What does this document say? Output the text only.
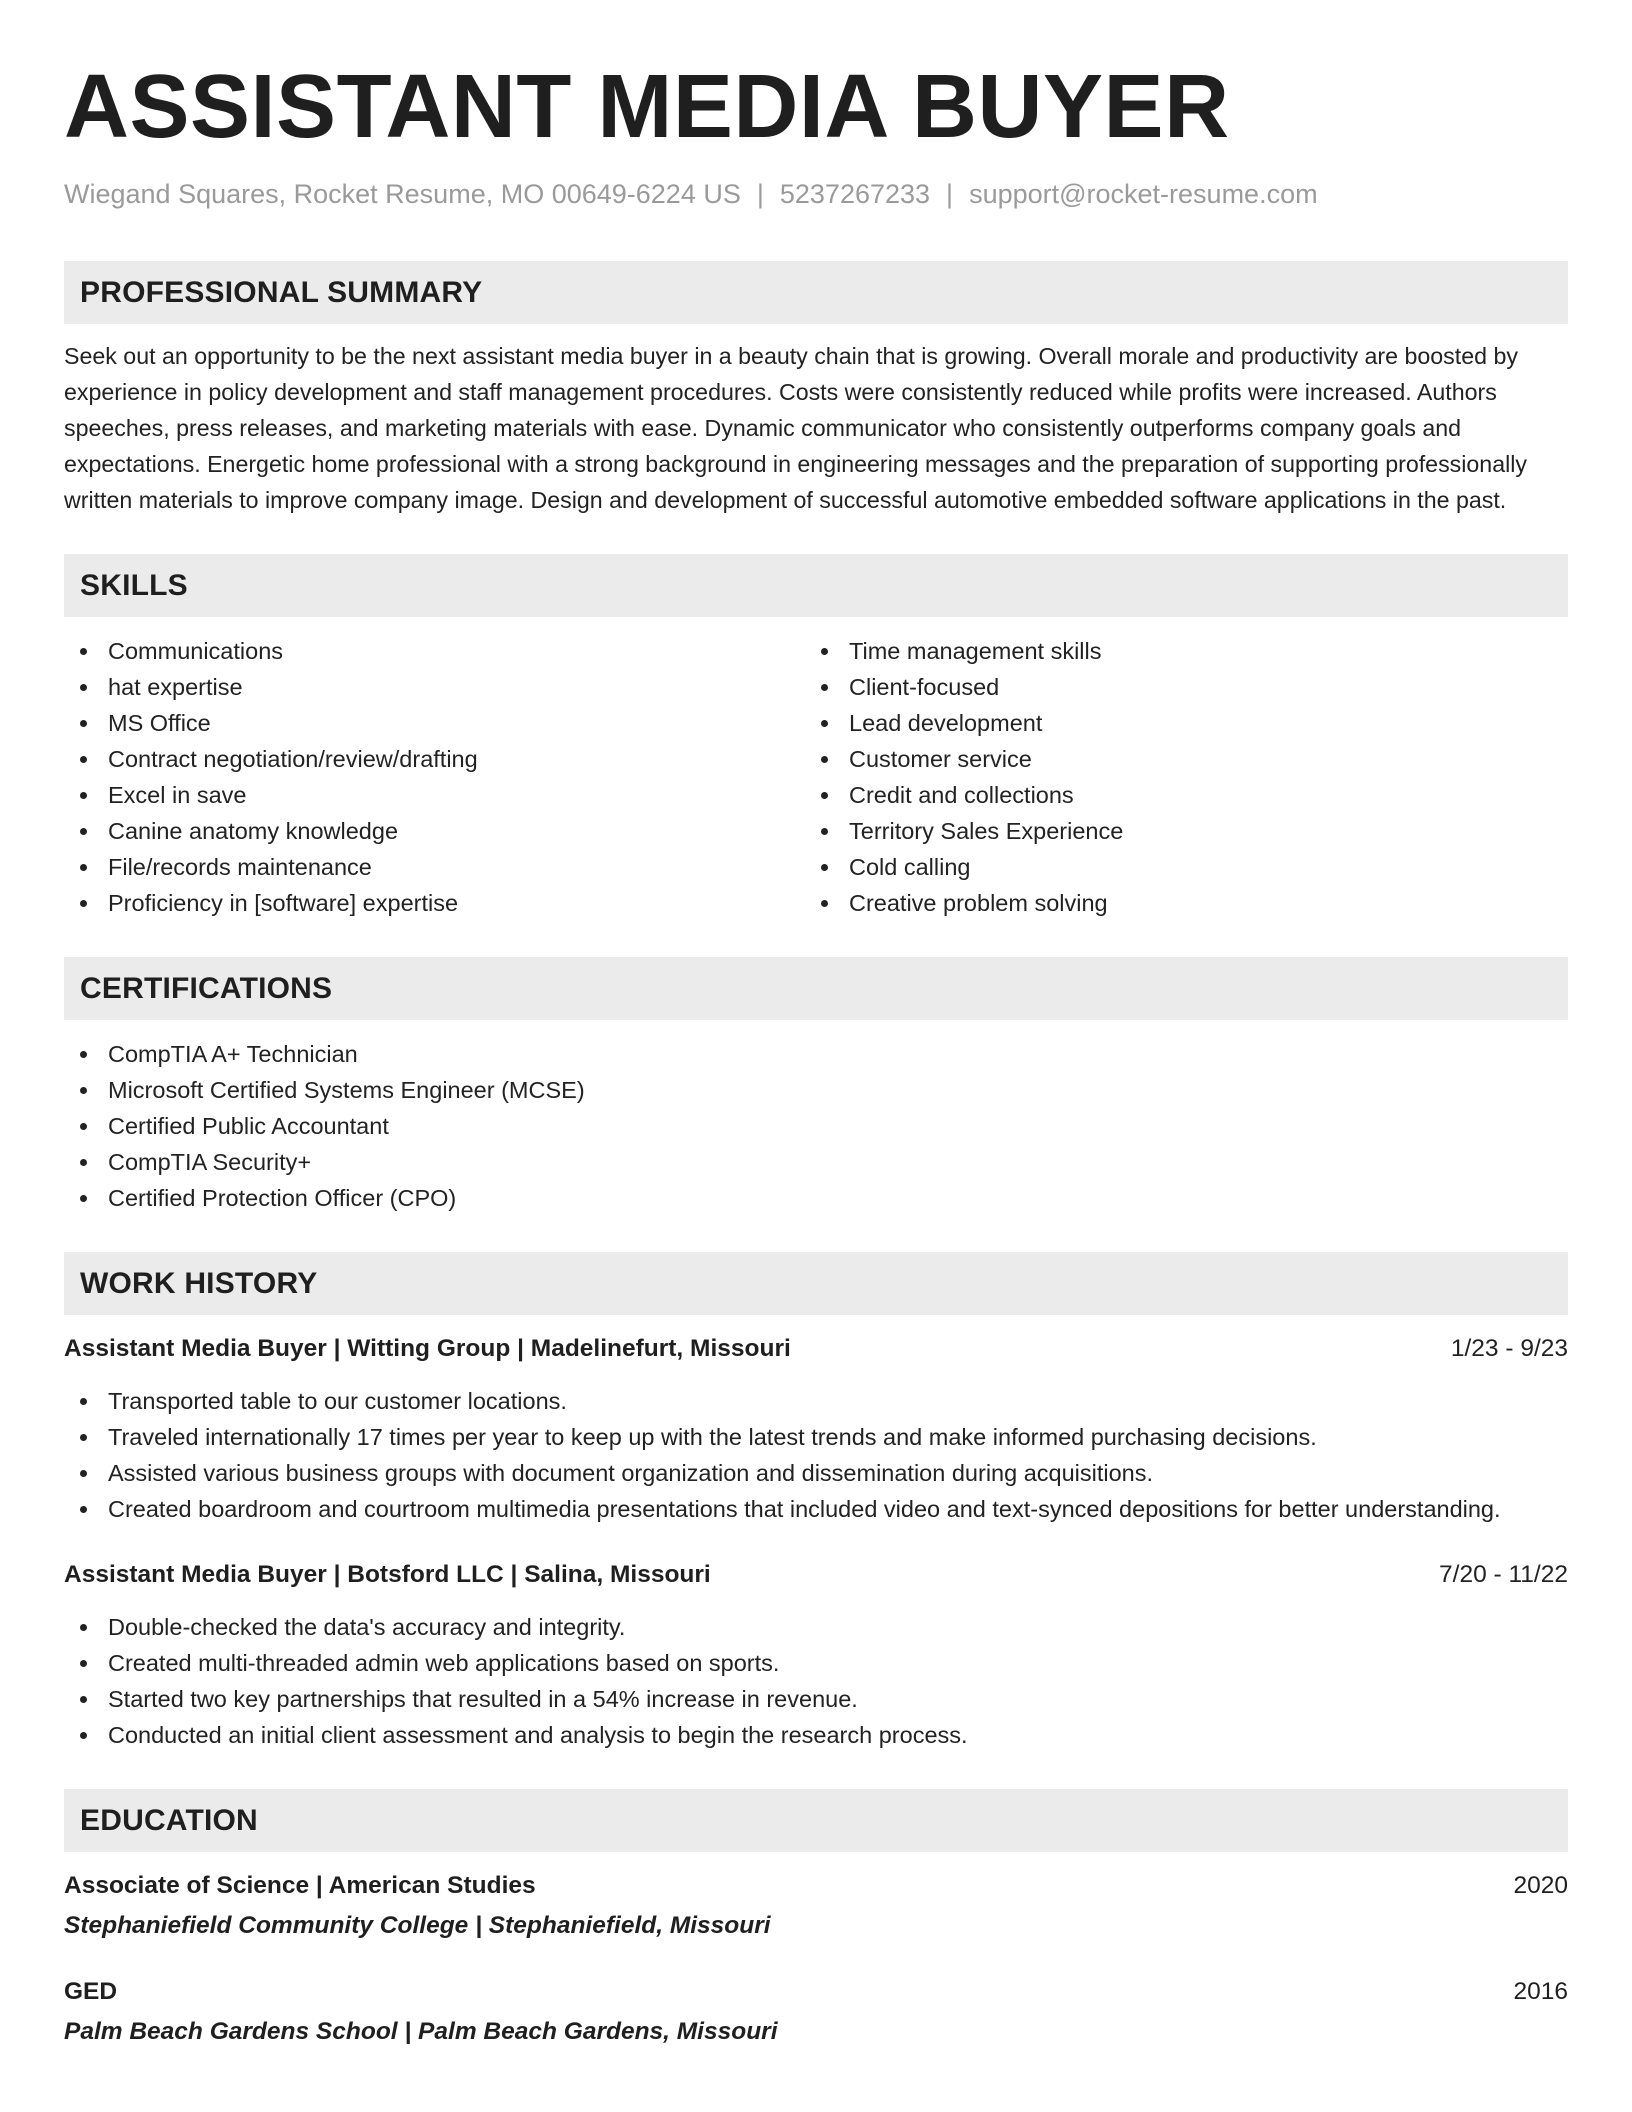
ASSISTANT MEDIA BUYER
Wiegand Squares, Rocket Resume, MO 00649-6224 US | 5237267233 | support@rocket-resume.com
PROFESSIONAL SUMMARY
Seek out an opportunity to be the next assistant media buyer in a beauty chain that is growing. Overall morale and productivity are boosted by experience in policy development and staff management procedures. Costs were consistently reduced while profits were increased. Authors speeches, press releases, and marketing materials with ease. Dynamic communicator who consistently outperforms company goals and expectations. Energetic home professional with a strong background in engineering messages and the preparation of supporting professionally written materials to improve company image. Design and development of successful automotive embedded software applications in the past.
SKILLS
Communications
hat expertise
MS Office
Contract negotiation/review/drafting
Excel in save
Canine anatomy knowledge
File/records maintenance
Proficiency in [software] expertise
Time management skills
Client-focused
Lead development
Customer service
Credit and collections
Territory Sales Experience
Cold calling
Creative problem solving
CERTIFICATIONS
CompTIA A+ Technician
Microsoft Certified Systems Engineer (MCSE)
Certified Public Accountant
CompTIA Security+
Certified Protection Officer (CPO)
WORK HISTORY
Assistant Media Buyer | Witting Group | Madelinefurt, Missouri	1/23 - 9/23
Transported table to our customer locations.
Traveled internationally 17 times per year to keep up with the latest trends and make informed purchasing decisions.
Assisted various business groups with document organization and dissemination during acquisitions.
Created boardroom and courtroom multimedia presentations that included video and text-synced depositions for better understanding.
Assistant Media Buyer | Botsford LLC | Salina, Missouri	7/20 - 11/22
Double-checked the data's accuracy and integrity.
Created multi-threaded admin web applications based on sports.
Started two key partnerships that resulted in a 54% increase in revenue.
Conducted an initial client assessment and analysis to begin the research process.
EDUCATION
Associate of Science | American Studies	2020
Stephaniefield Community College | Stephaniefield, Missouri
GED	2016
Palm Beach Gardens School | Palm Beach Gardens, Missouri
